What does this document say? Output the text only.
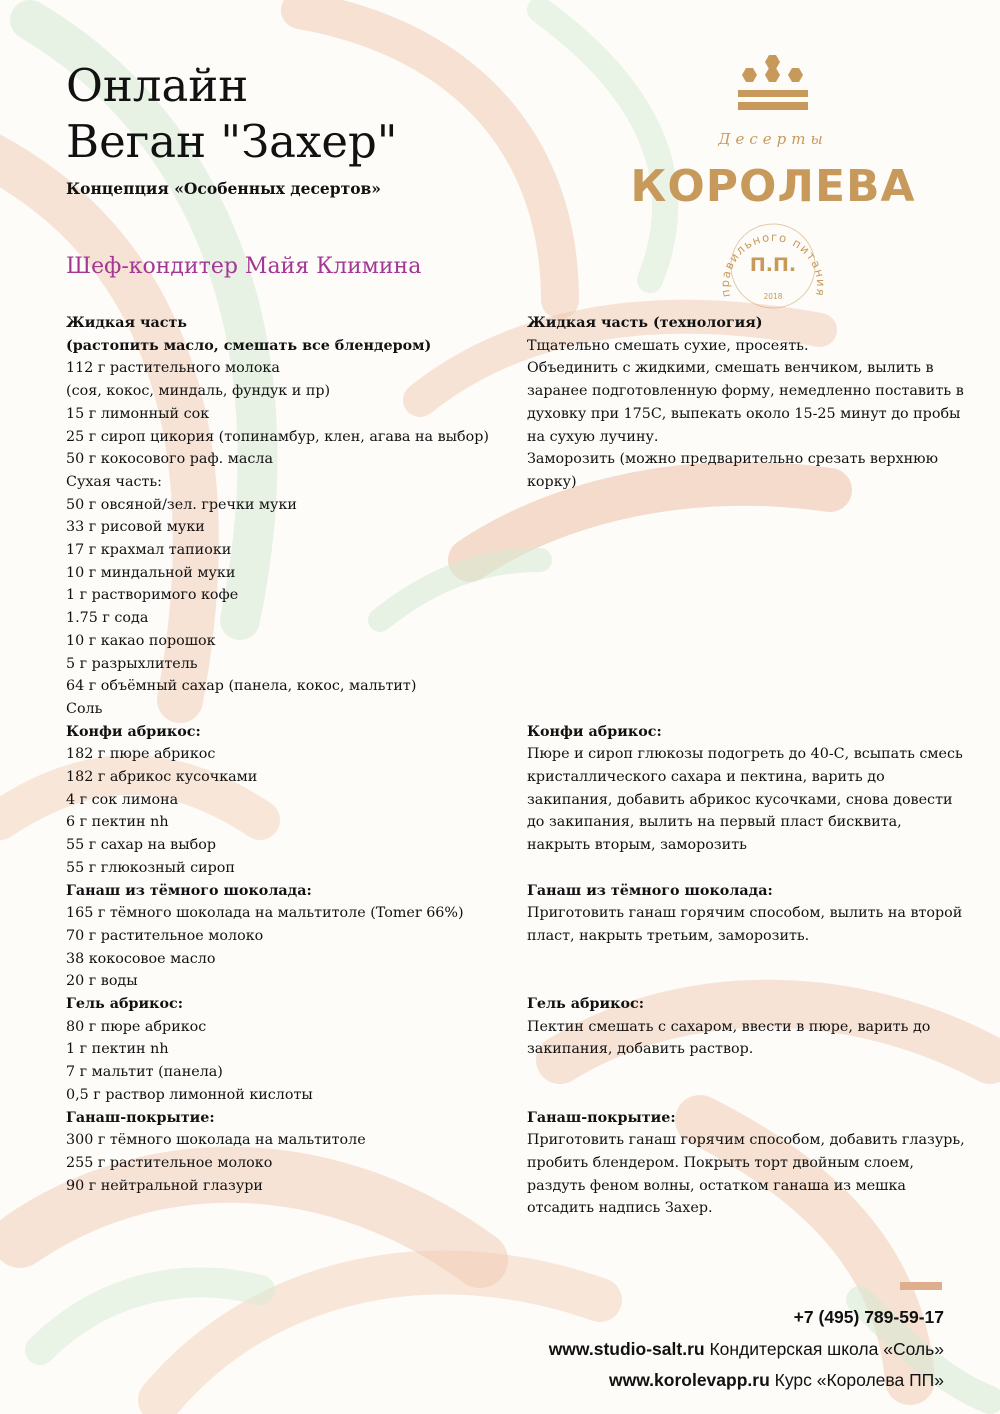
Онлайн
Веган "Захер"
Концепция «Особенных десертов»
Шеф-кондитер Майя Климина
Десерты
КОРОЛЕВА
правильного питания
П.П.
2018
Жидкая часть
(растопить масло, смешать все блендером)
112 г растительного молока
(соя, кокос, миндаль, фундук и пр)
15 г лимонный сок
25 г сироп цикория (топинамбур, клен, агава на выбор)
50 г кокосового раф. масла
Сухая часть:
50 г овсяной/зел. гречки муки
33 г рисовой муки
17 г крахмал тапиоки
10 г миндальной муки
1 г растворимого кофе
1.75 г сода
10 г какао порошок
5 г разрыхлитель
64 г объёмный сахар (панела, кокос, мальтит)
Соль
Конфи абрикос:
182 г пюре абрикос
182 г абрикос кусочками
4 г сок лимона
6 г пектин nh
55 г сахар на выбор
55 г глюкозный сироп
Ганаш из тёмного шоколада:
165 г тёмного шоколада на мальтитоле (Tomer 66%)
70 г растительное молоко
38 кокосовое масло
20 г воды
Гель абрикос:
80 г пюре абрикос
1 г пектин nh
7 г мальтит (панела)
0,5 г раствор лимонной кислоты
Ганаш-покрытие:
300 г тёмного шоколада на мальтитоле
255 г растительное молоко
90 г нейтральной глазури
Жидкая часть (технология)
Тщательно смешать сухие, просеять.
Объединить с жидкими, смешать венчиком, вылить в
заранее подготовленную форму, немедленно поставить в
духовку при 175С, выпекать около 15-25 минут до пробы
на сухую лучину.
Заморозить (можно предварительно срезать верхнюю
корку)
Конфи абрикос:
Пюре и сироп глюкозы подогреть до 40-С, всыпать смесь
кристаллического сахара и пектина, варить до
закипания, добавить абрикос кусочками, снова довести
до закипания, вылить на первый пласт бисквита,
накрыть вторым, заморозить
Ганаш из тёмного шоколада:
Приготовить ганаш горячим способом, вылить на второй
пласт, накрыть третьим, заморозить.
Гель абрикос:
Пектин смешать с сахаром, ввести в пюре, варить до
закипания, добавить раствор.
Ганаш-покрытие:
Приготовить ганаш горячим способом, добавить глазурь,
пробить блендером. Покрыть торт двойным слоем,
раздуть феном волны, остатком ганаша из мешка
отсадить надпись Захер.
+7 (495) 789-59-17
www.studio-salt.ru Кондитерская школа «Соль»
www.korolevapp.ru Курс «Королева ПП»
